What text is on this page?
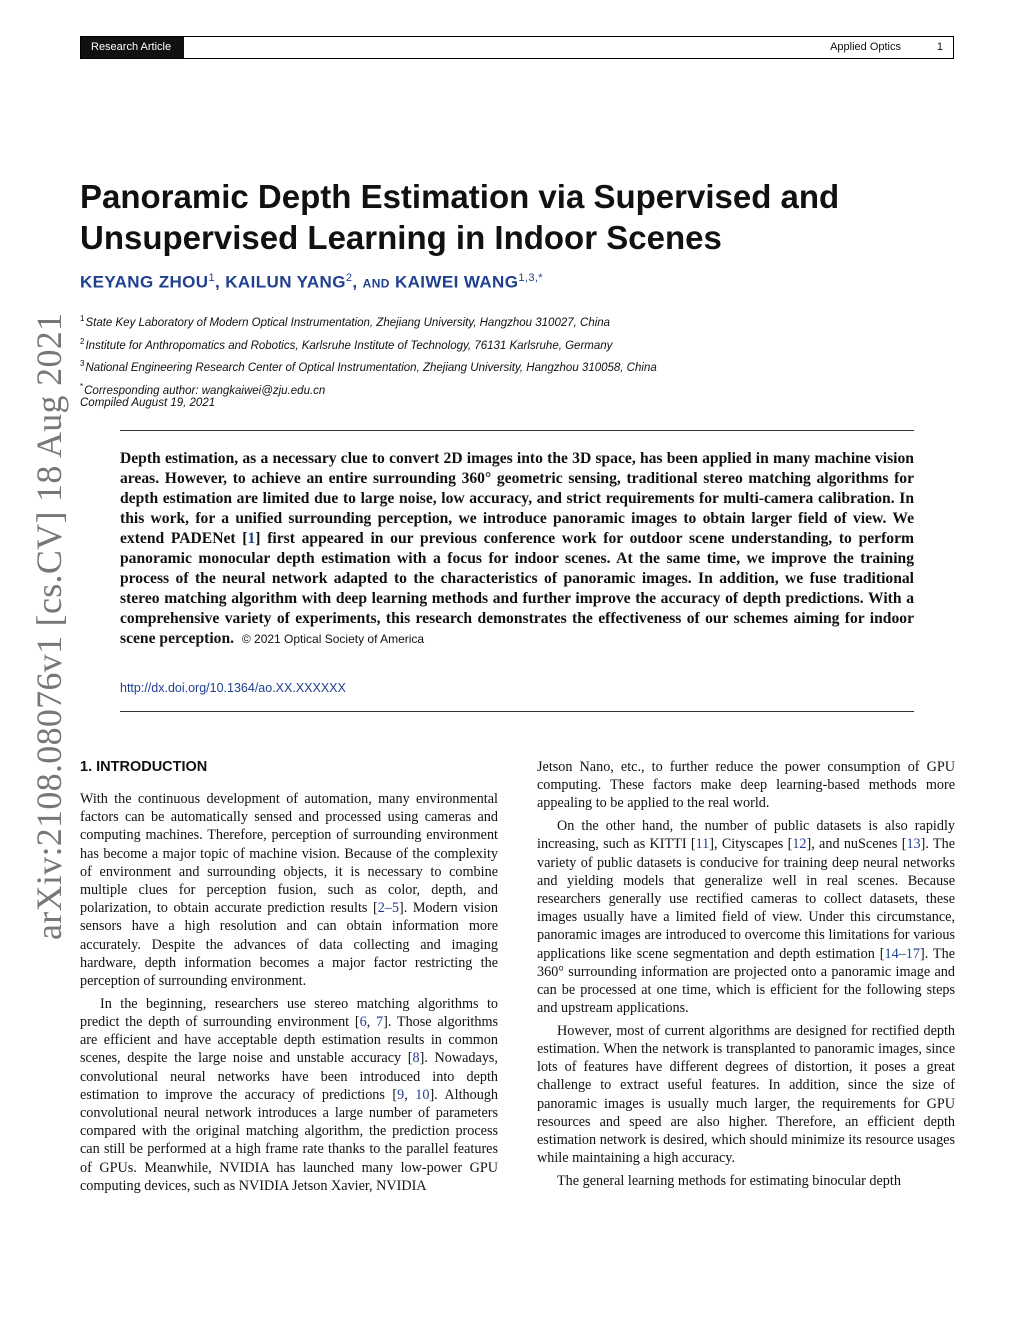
Research Article	Applied Optics	1
arXiv:2108.08076v1 [cs.CV] 18 Aug 2021
Panoramic Depth Estimation via Supervised and
Unsupervised Learning in Indoor Scenes
KEYANG ZHOU$^1$, KAILUN YANG$^2$, AND KAIWEI $WANG^{1,3,*}$
$^1$State Key Laboratory of Modern Optical Instrumentation, Zhejiang University, Hangzhou 310027, China
$^2$Institute for Anthropomatics and Robotics, Karlsruhe Institute of Technology, 76131 Karlsruhe, Germany
$^3$National Engineering Research Center of Optical Instrumentation, Zhejiang University, Hangzhou 310058, China
*Corresponding author: wangkaiwei@zju.edu.cn
Compiled August 19, 2021

Depth estimation, as a necessary clue to convert 2D images into the 3D space, has been applied in many machine vision areas. However, to achieve an entire surrounding 360° geometric sensing, traditional stereo matching algorithms for depth estimation are limited due to large noise, low accuracy, and strict requirements for multi-camera calibration. In this work, for a unified surrounding perception, we introduce panoramic images to obtain larger field of view. We extend PADENet [1] first appeared in our previous conference work for outdoor scene understanding, to perform panoramic monocular depth estimation with a focus for indoor scenes. At the same time, we improve the training process of the neural network adapted to the characteristics of panoramic images. In addition, we fuse traditional stereo matching algorithm with deep learning methods and further improve the accuracy of depth predictions. With a comprehensive variety of experiments, this research demonstrates the effectiveness of our schemes aiming for indoor scene perception. © 2021 Optical Society of America

http://dx.doi.org/10.1364/ao.XX.XXXXXX
1. INTRODUCTION

With the continuous development of automation, many environmental factors can be automatically sensed and processed using cameras and computing machines. Therefore, perception of surrounding environment has become a major topic of machine vision. Because of the complexity of environment and surrounding objects, it is necessary to combine multiple clues for perception fusion, such as color, depth, and polarization, to obtain accurate prediction results [2–5]. Modern vision sensors have a high resolution and can obtain information more accurately. Despite the advances of data collecting and imaging hardware, depth information becomes a major factor restricting the perception of surrounding environment.

In the beginning, researchers use stereo matching algorithms to predict the depth of surrounding environment [6, 7]. Those algorithms are efficient and have acceptable depth estimation results in common scenes, despite the large noise and unstable accuracy [8]. Nowadays, convolutional neural networks have been introduced into depth estimation to improve the accuracy of predictions [9, 10]. Although convolutional neural network introduces a large number of parameters compared with the original matching algorithm, the prediction process can still be performed at a high frame rate thanks to the parallel features of GPUs. Meanwhile, NVIDIA has launched many low-power GPU computing devices, such as NVIDIA Jetson Xavier, NVIDIA

Jetson Nano, etc., to further reduce the power consumption of GPU computing. These factors make deep learning-based methods more appealing to be applied to the real world.

On the other hand, the number of public datasets is also rapidly increasing, such as KITTI [11], Cityscapes [12], and nuScenes [13]. The variety of public datasets is conducive for training deep neural networks and yielding models that generalize well in real scenes. Because researchers generally use rectified cameras to collect datasets, these images usually have a limited field of view. Under this circumstance, panoramic images are introduced to overcome this limitations for various applications like scene segmentation and depth estimation [14–17]. The 360° surrounding information are projected onto a panoramic image and can be processed at one time, which is efficient for the following steps and upstream applications.

However, most of current algorithms are designed for rectified depth estimation. When the network is transplanted to panoramic images, since lots of features have different degrees of distortion, it poses a great challenge to extract useful features. In addition, since the size of panoramic images is usually much larger, the requirements for GPU resources and speed are also higher. Therefore, an efficient depth estimation network is desired, which should minimize its resource usages while maintaining a high accuracy.

The general learning methods for estimating binocular depth
